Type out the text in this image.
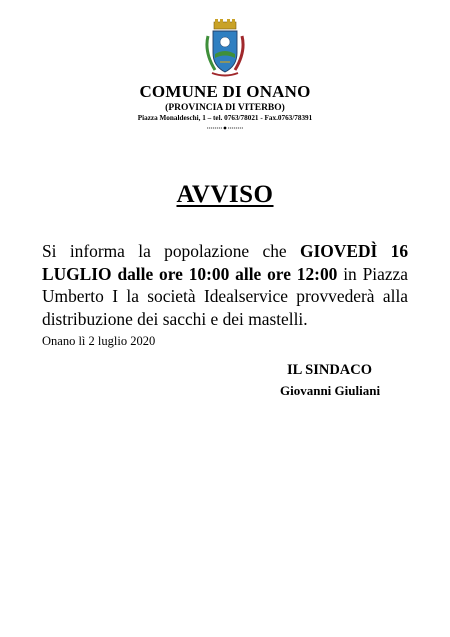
COMUNE DI ONANO
(PROVINCIA DI VITERBO)
Piazza Monaldeschi, 1 – tel. 0763/78021 - Fax.0763/78391
AVVISO
Si informa la popolazione che GIOVEDÌ 16 LUGLIO dalle ore 10:00 alle ore 12:00 in Piazza Umberto I la società Idealservice provvederà alla distribuzione dei sacchi e dei mastelli.
Onano lì 2 luglio 2020
IL SINDACO
Giovanni Giuliani
